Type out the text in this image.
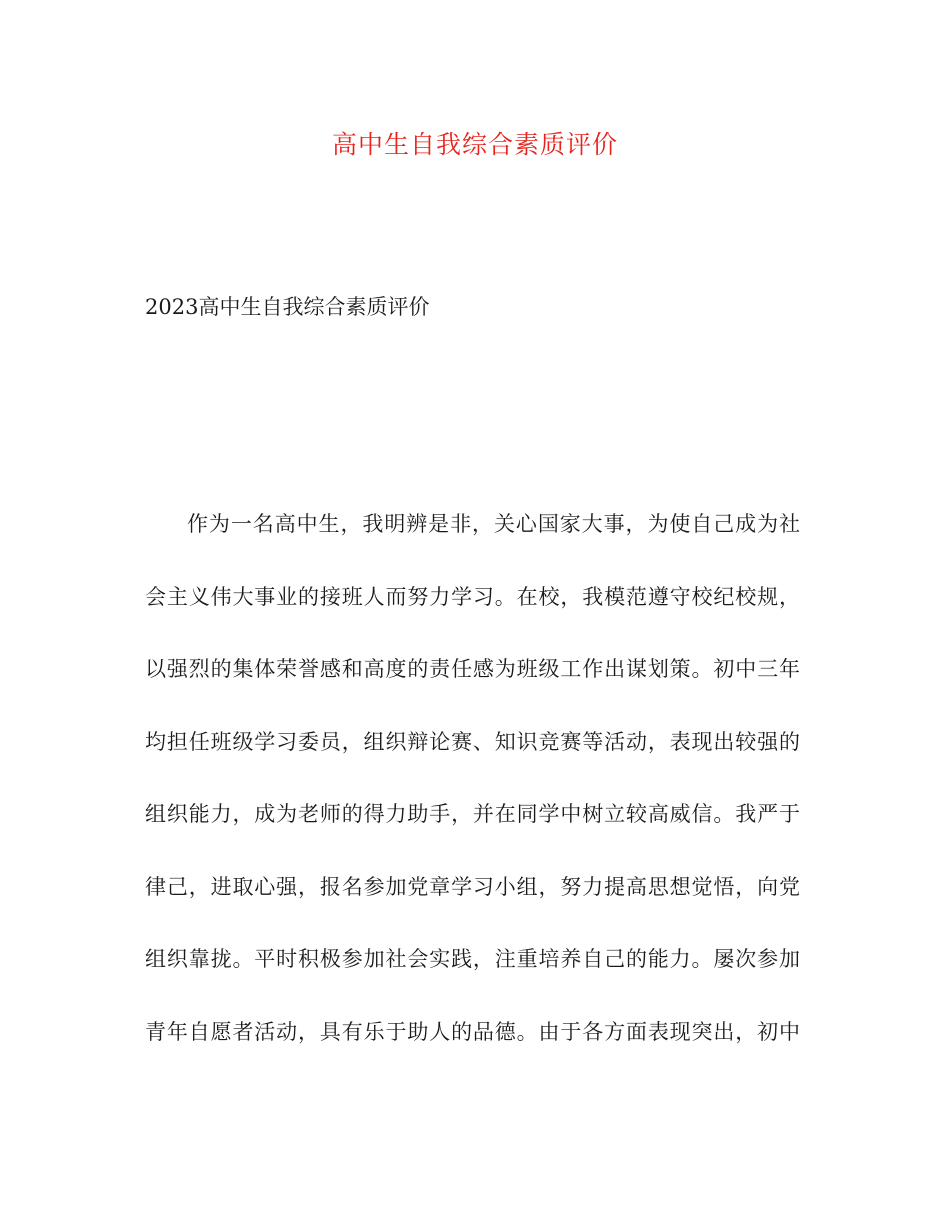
高中生自我综合素质评价
2023高中生自我综合素质评价
作为一名高中生，我明辨是非，关心国家大事，为使自己成为社
会主义伟大事业的接班人而努力学习。在校，我模范遵守校纪校规，
以强烈的集体荣誉感和高度的责任感为班级工作出谋划策。初中三年
均担任班级学习委员，组织辩论赛、知识竞赛等活动，表现出较强的
组织能力，成为老师的得力助手，并在同学中树立较高威信。我严于
律己，进取心强，报名参加党章学习小组，努力提高思想觉悟，向党
组织靠拢。平时积极参加社会实践，注重培养自己的能力。屡次参加
青年自愿者活动，具有乐于助人的品德。由于各方面表现突出，初中
